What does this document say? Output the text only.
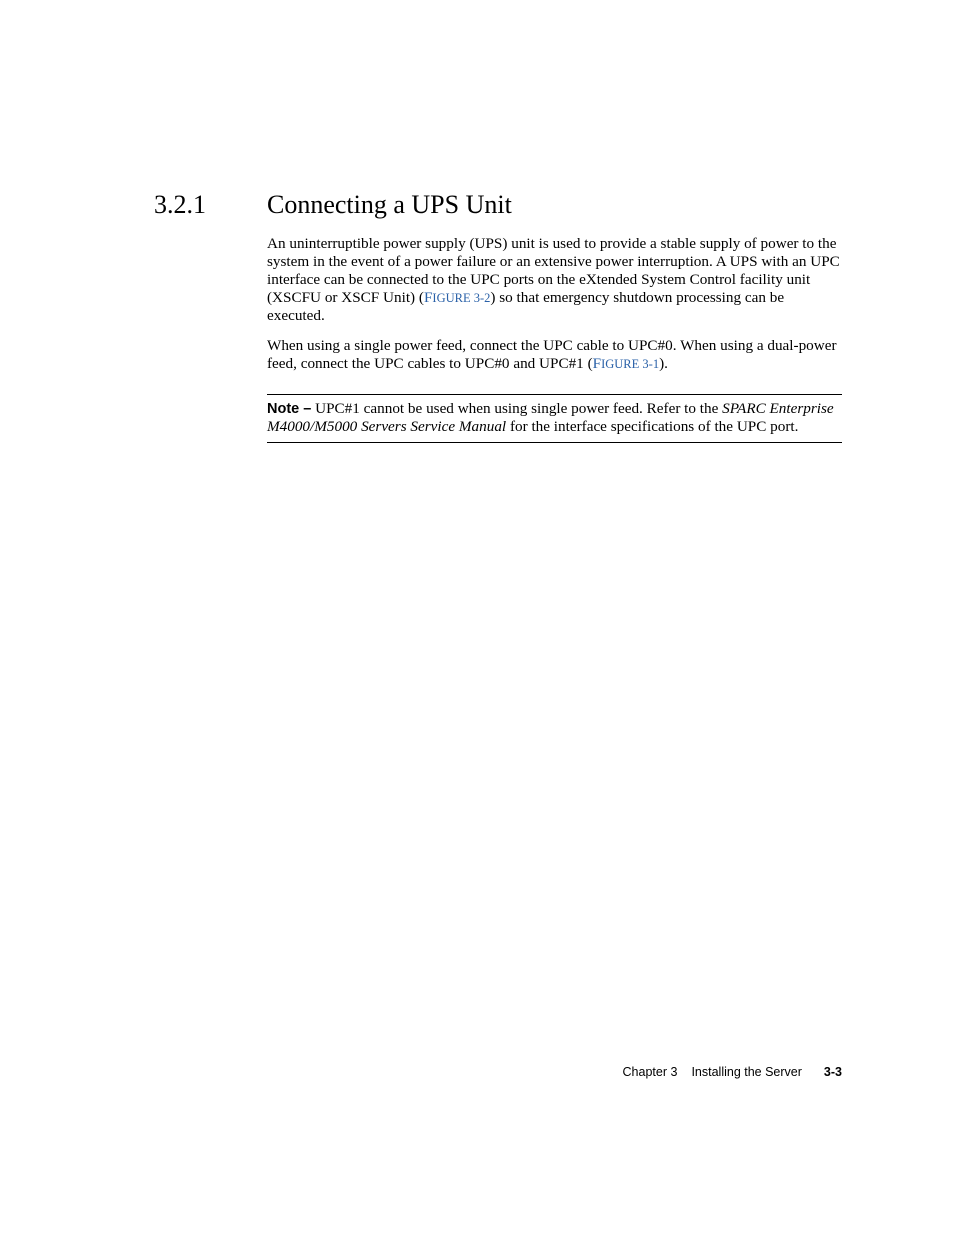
3.2.1 Connecting a UPS Unit

An uninterruptible power supply (UPS) unit is used to provide a stable supply of power to the system in the event of a power failure or an extensive power interruption. A UPS with an UPC interface can be connected to the UPC ports on the eXtended System Control facility unit (XSCFU or XSCF Unit) (FIGURE 3-2) so that emergency shutdown processing can be executed.

When using a single power feed, connect the UPC cable to UPC#0. When using a dual-power feed, connect the UPC cables to UPC#0 and UPC#1 (FIGURE 3-1).

Note – UPC#1 cannot be used when using single power feed. Refer to the SPARC Enterprise M4000/M5000 Servers Service Manual for the interface specifications of the UPC port.
Chapter 3 Installing the Server 3-3
